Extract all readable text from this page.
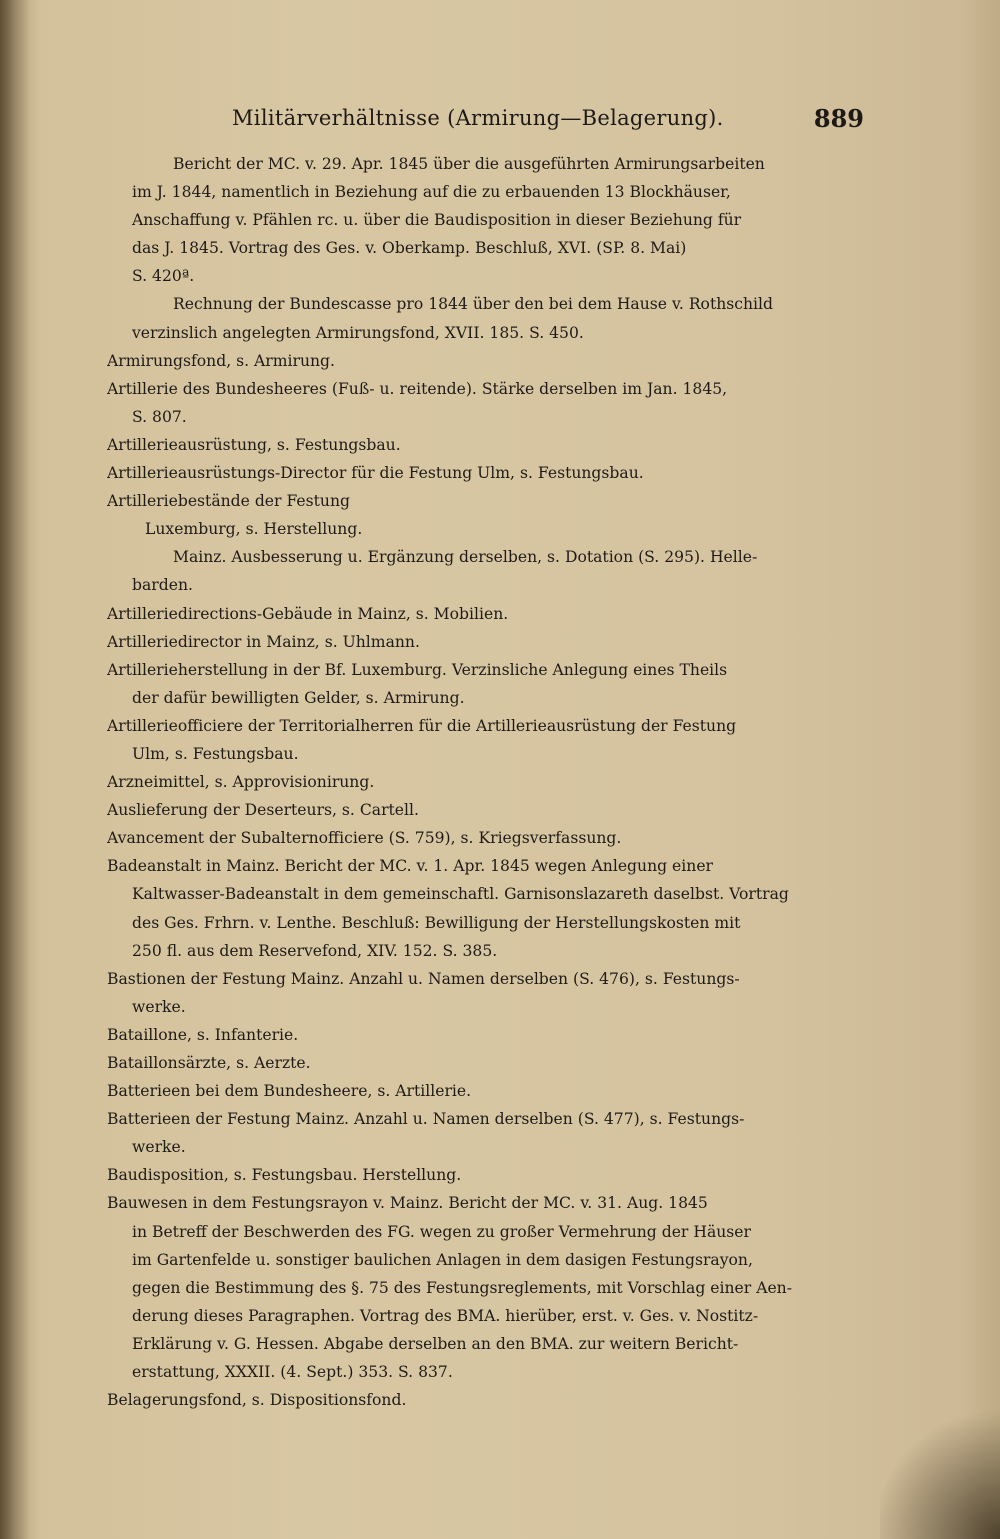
Militärverhältnisse (Armirung—Belagerung).	889
Bericht der MC. v. 29. Apr. 1845 über die ausgeführten Armirungsarbeiten
im J. 1844, namentlich in Beziehung auf die zu erbauenden 13 Blockhäuser,
Anschaffung v. Pfählen rc. u. über die Baudisposition in dieser Beziehung für
das J. 1845. Vortrag des Ges. v. Oberkamp. Beschluß, XVI. (SP. 8. Mai)
S. 420ª.
Rechnung der Bundescasse pro 1844 über den bei dem Hause v. Rothschild
verzinslich angelegten Armirungsfond, XVII. 185. S. 450.
Armirungsfond, s. Armirung.
Artillerie des Bundesheeres (Fuß- u. reitende). Stärke derselben im Jan. 1845,
S. 807.
Artillerieausrüstung, s. Festungsbau.
Artillerieausrüstungs-Director für die Festung Ulm, s. Festungsbau.
Artilleriebestände der Festung
Luxemburg, s. Herstellung.
Mainz. Ausbesserung u. Ergänzung derselben, s. Dotation (S. 295). Helle-
barden.
Artilleriedirections-Gebäude in Mainz, s. Mobilien.
Artilleriedirector in Mainz, s. Uhlmann.
Artillerieherstellung in der Bf. Luxemburg. Verzinsliche Anlegung eines Theils
der dafür bewilligten Gelder, s. Armirung.
Artillerieofficiere der Territorialherren für die Artillerieausrüstung der Festung
Ulm, s. Festungsbau.
Arzneimittel, s. Approvisionirung.
Auslieferung der Deserteurs, s. Cartell.
Avancement der Subalternofficiere (S. 759), s. Kriegsverfassung.
Badeanstalt in Mainz. Bericht der MC. v. 1. Apr. 1845 wegen Anlegung einer
Kaltwasser-Badeanstalt in dem gemeinschaftl. Garnisonslazareth daselbst. Vortrag
des Ges. Frhrn. v. Lenthe. Beschluß: Bewilligung der Herstellungskosten mit
250 fl. aus dem Reservefond, XIV. 152. S. 385.
Bastionen der Festung Mainz. Anzahl u. Namen derselben (S. 476), s. Festungs-
werke.
Bataillone, s. Infanterie.
Bataillonsärzte, s. Aerzte.
Batterieen bei dem Bundesheere, s. Artillerie.
Batterieen der Festung Mainz. Anzahl u. Namen derselben (S. 477), s. Festungs-
werke.
Baudisposition, s. Festungsbau. Herstellung.
Bauwesen in dem Festungsrayon v. Mainz. Bericht der MC. v. 31. Aug. 1845
in Betreff der Beschwerden des FG. wegen zu großer Vermehrung der Häuser
im Gartenfelde u. sonstiger baulichen Anlagen in dem dasigen Festungsrayon,
gegen die Bestimmung des §. 75 des Festungsreglements, mit Vorschlag einer Aen-
derung dieses Paragraphen. Vortrag des BMA. hierüber, erst. v. Ges. v. Nostitz-
Erklärung v. G. Hessen. Abgabe derselben an den BMA. zur weitern Bericht-
erstattung, XXXII. (4. Sept.) 353. S. 837.
Belagerungsfond, s. Dispositionsfond.
